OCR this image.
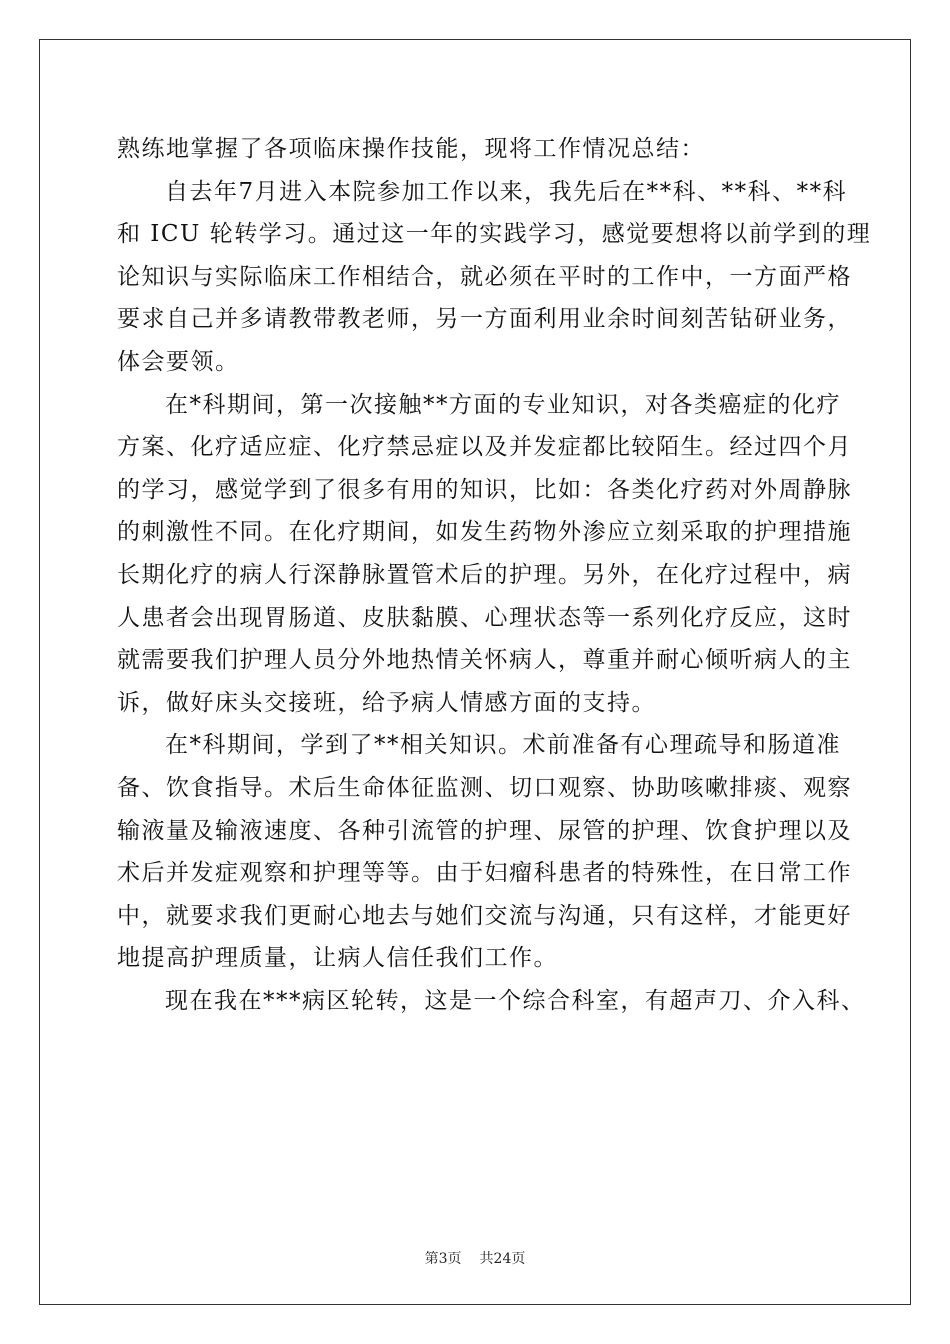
熟练地掌握了各项临床操作技能，现将工作情况总结：
自去年7月进入本院参加工作以来，我先后在**科、**科、**科
和 ICU 轮转学习。通过这一年的实践学习，感觉要想将以前学到的理
论知识与实际临床工作相结合，就必须在平时的工作中，一方面严格
要求自己并多请教带教老师，另一方面利用业余时间刻苦钻研业务，
体会要领。
在*科期间，第一次接触**方面的专业知识，对各类癌症的化疗
方案、化疗适应症、化疗禁忌症以及并发症都比较陌生。经过四个月
的学习，感觉学到了很多有用的知识，比如：各类化疗药对外周静脉
的刺激性不同。在化疗期间，如发生药物外渗应立刻采取的护理措施
长期化疗的病人行深静脉置管术后的护理。另外，在化疗过程中，病
人患者会出现胃肠道、皮肤黏膜、心理状态等一系列化疗反应，这时
就需要我们护理人员分外地热情关怀病人，尊重并耐心倾听病人的主
诉，做好床头交接班，给予病人情感方面的支持。
在*科期间，学到了**相关知识。术前准备有心理疏导和肠道准
备、饮食指导。术后生命体征监测、切口观察、协助咳嗽排痰、观察
输液量及输液速度、各种引流管的护理、尿管的护理、饮食护理以及
术后并发症观察和护理等等。由于妇瘤科患者的特殊性，在日常工作
中，就要求我们更耐心地去与她们交流与沟通，只有这样，才能更好
地提高护理质量，让病人信任我们工作。
现在我在***病区轮转，这是一个综合科室，有超声刀、介入科、
第3页 共24页
